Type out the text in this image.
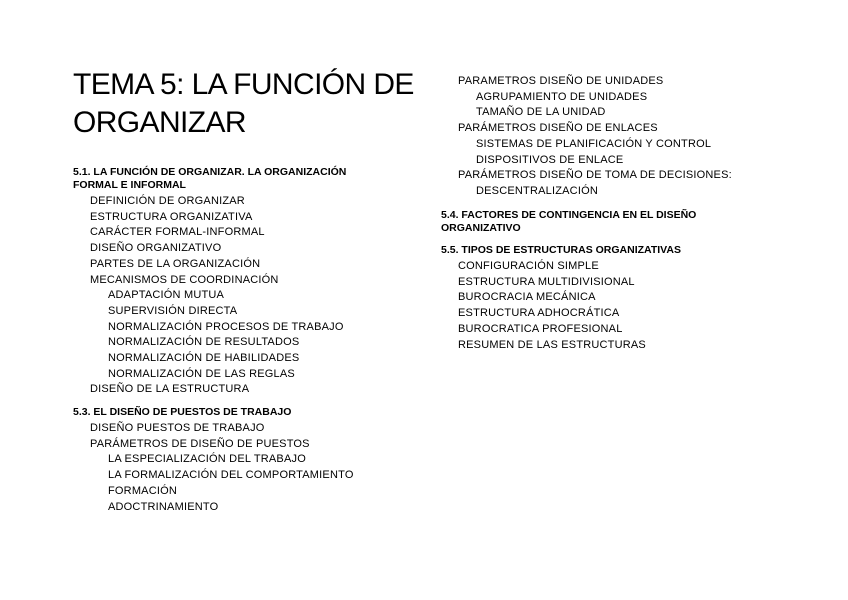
TEMA 5: LA FUNCIÓN DE ORGANIZAR
5.1. LA FUNCIÓN DE ORGANIZAR. LA ORGANIZACIÓN FORMAL E INFORMAL
DEFINICIÓN DE ORGANIZAR
ESTRUCTURA ORGANIZATIVA
CARÁCTER FORMAL-INFORMAL
DISEÑO ORGANIZATIVO
PARTES DE LA ORGANIZACIÓN
MECANISMOS DE COORDINACIÓN
ADAPTACIÓN MUTUA
SUPERVISIÓN DIRECTA
NORMALIZACIÓN PROCESOS DE TRABAJO
NORMALIZACIÓN DE RESULTADOS
NORMALIZACIÓN DE HABILIDADES
NORMALIZACIÓN DE LAS REGLAS
DISEÑO DE LA ESTRUCTURA
5.3. EL DISEÑO DE PUESTOS DE TRABAJO
DISEÑO PUESTOS DE TRABAJO
PARÁMETROS DE DISEÑO DE PUESTOS
LA ESPECIALIZACIÓN DEL TRABAJO
LA FORMALIZACIÓN DEL COMPORTAMIENTO
FORMACIÓN
ADOCTRINAMIENTO
PARAMETROS DISEÑO DE UNIDADES
AGRUPAMIENTO DE UNIDADES
TAMAÑO DE LA UNIDAD
PARÁMETROS DISEÑO DE ENLACES
SISTEMAS DE PLANIFICACIÓN Y CONTROL
DISPOSITIVOS DE ENLACE
PARÁMETROS DISEÑO DE TOMA DE DECISIONES:
DESCENTRALIZACIÓN
5.4. FACTORES DE CONTINGENCIA EN EL DISEÑO ORGANIZATIVO
5.5. TIPOS DE ESTRUCTURAS ORGANIZATIVAS
CONFIGURACIÓN SIMPLE
ESTRUCTURA MULTIDIVISIONAL
BUROCRACIA MECÁNICA
ESTRUCTURA ADHOCRÁTICA
BUROCRATICA PROFESIONAL
RESUMEN DE LAS ESTRUCTURAS
